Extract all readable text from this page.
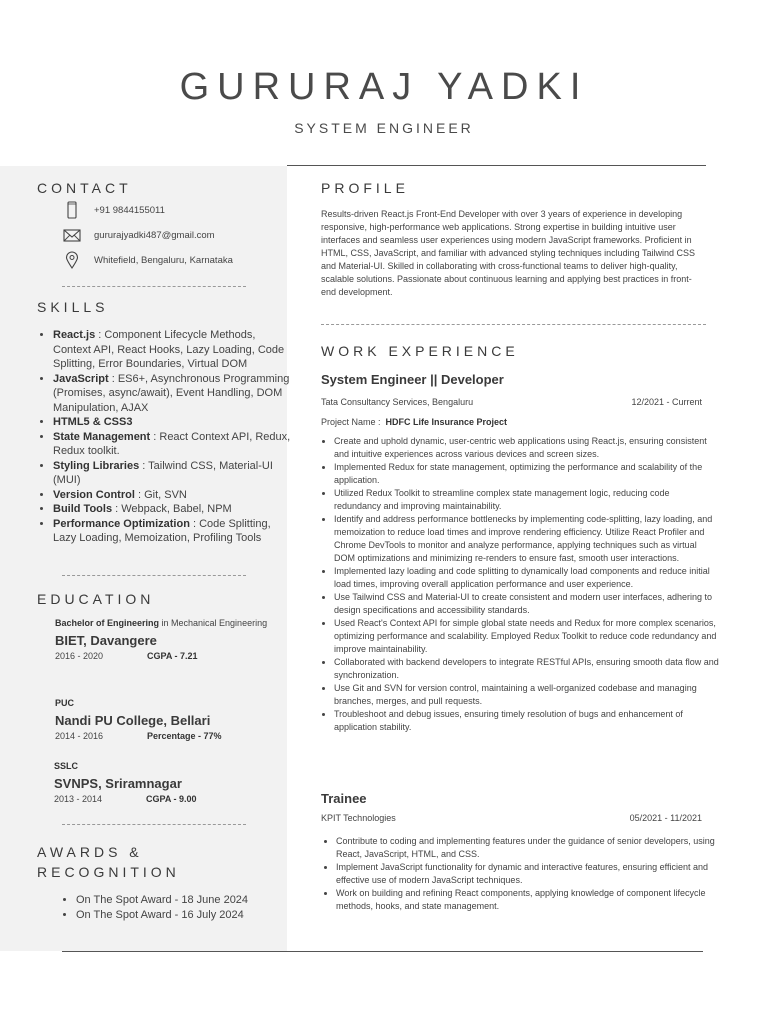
GURURAJ YADKI
SYSTEM ENGINEER
CONTACT
+91 9844155011
gururajyadki487@gmail.com
Whitefield, Bengaluru, Karnataka
SKILLS
• React.js : Component Lifecycle Methods, Context API, React Hooks, Lazy Loading, Code Splitting, Error Boundaries, Virtual DOM
• JavaScript : ES6+, Asynchronous Programming (Promises, async/await), Event Handling, DOM Manipulation, AJAX
• HTML5 & CSS3
• State Management : React Context API, Redux, Redux toolkit.
• Styling Libraries : Tailwind CSS, Material-UI (MUI)
• Version Control : Git, SVN
• Build Tools : Webpack, Babel, NPM
• Performance Optimization : Code Splitting, Lazy Loading, Memoization, Profiling Tools
EDUCATION
Bachelor of Engineering in Mechanical Engineering
BIET, Davangere
2016 - 2020	CGPA - 7.21
PUC
Nandi PU College, Bellari
2014 - 2016	Percentage - 77%
SSLC
SVNPS, Sriramnagar
2013 - 2014	CGPA - 9.00
AWARDS &
RECOGNITION
• On The Spot Award - 18 June 2024
• On The Spot Award - 16 July 2024
PROFILE

Results-driven React.js Front-End Developer with over 3 years of experience in developing responsive, high-performance web applications. Strong expertise in building intuitive user interfaces and seamless user experiences using modern JavaScript frameworks. Proficient in HTML, CSS, JavaScript, and familiar with advanced styling techniques including Tailwind CSS and Material-UI. Skilled in collaborating with cross-functional teams to deliver high-quality, scalable solutions. Passionate about continuous learning and applying best practices in front-end development.

WORK EXPERIENCE
System Engineer || Developer
Tata Consultancy Services, Bengaluru	12/2021 - Current
Project Name : HDFC Life Insurance Project
• Create and uphold dynamic, user-centric web applications using React.js, ensuring consistent and intuitive experiences across various devices and screen sizes.
• Implemented Redux for state management, optimizing the performance and scalability of the application.
• Utilized Redux Toolkit to streamline complex state management logic, reducing code redundancy and improving maintainability.
• Identify and address performance bottlenecks by implementing code-splitting, lazy loading, and memoization to reduce load times and improve rendering efficiency. Utilize React Profiler and Chrome DevTools to monitor and analyze performance, applying techniques such as virtual DOM optimizations and minimizing re-renders to ensure fast, smooth user interactions.
• Implemented lazy loading and code splitting to dynamically load components and reduce initial load times, improving overall application performance and user experience.
• Use Tailwind CSS and Material-UI to create consistent and modern user interfaces, adhering to design specifications and accessibility standards.
• Used React's Context API for simple global state needs and Redux for more complex scenarios, optimizing performance and scalability. Employed Redux Toolkit to reduce code redundancy and improve maintainability.
• Collaborated with backend developers to integrate RESTful APIs, ensuring smooth data flow and synchronization.
• Use Git and SVN for version control, maintaining a well-organized codebase and managing branches, merges, and pull requests.
• Troubleshoot and debug issues, ensuring timely resolution of bugs and enhancement of application stability.
Trainee
KPIT Technologies	05/2021 - 11/2021
• Contribute to coding and implementing features under the guidance of senior developers, using React, JavaScript, HTML, and CSS.
• Implement JavaScript functionality for dynamic and interactive features, ensuring efficient and effective use of modern JavaScript techniques.
• Work on building and refining React components, applying knowledge of component lifecycle methods, hooks, and state management.
